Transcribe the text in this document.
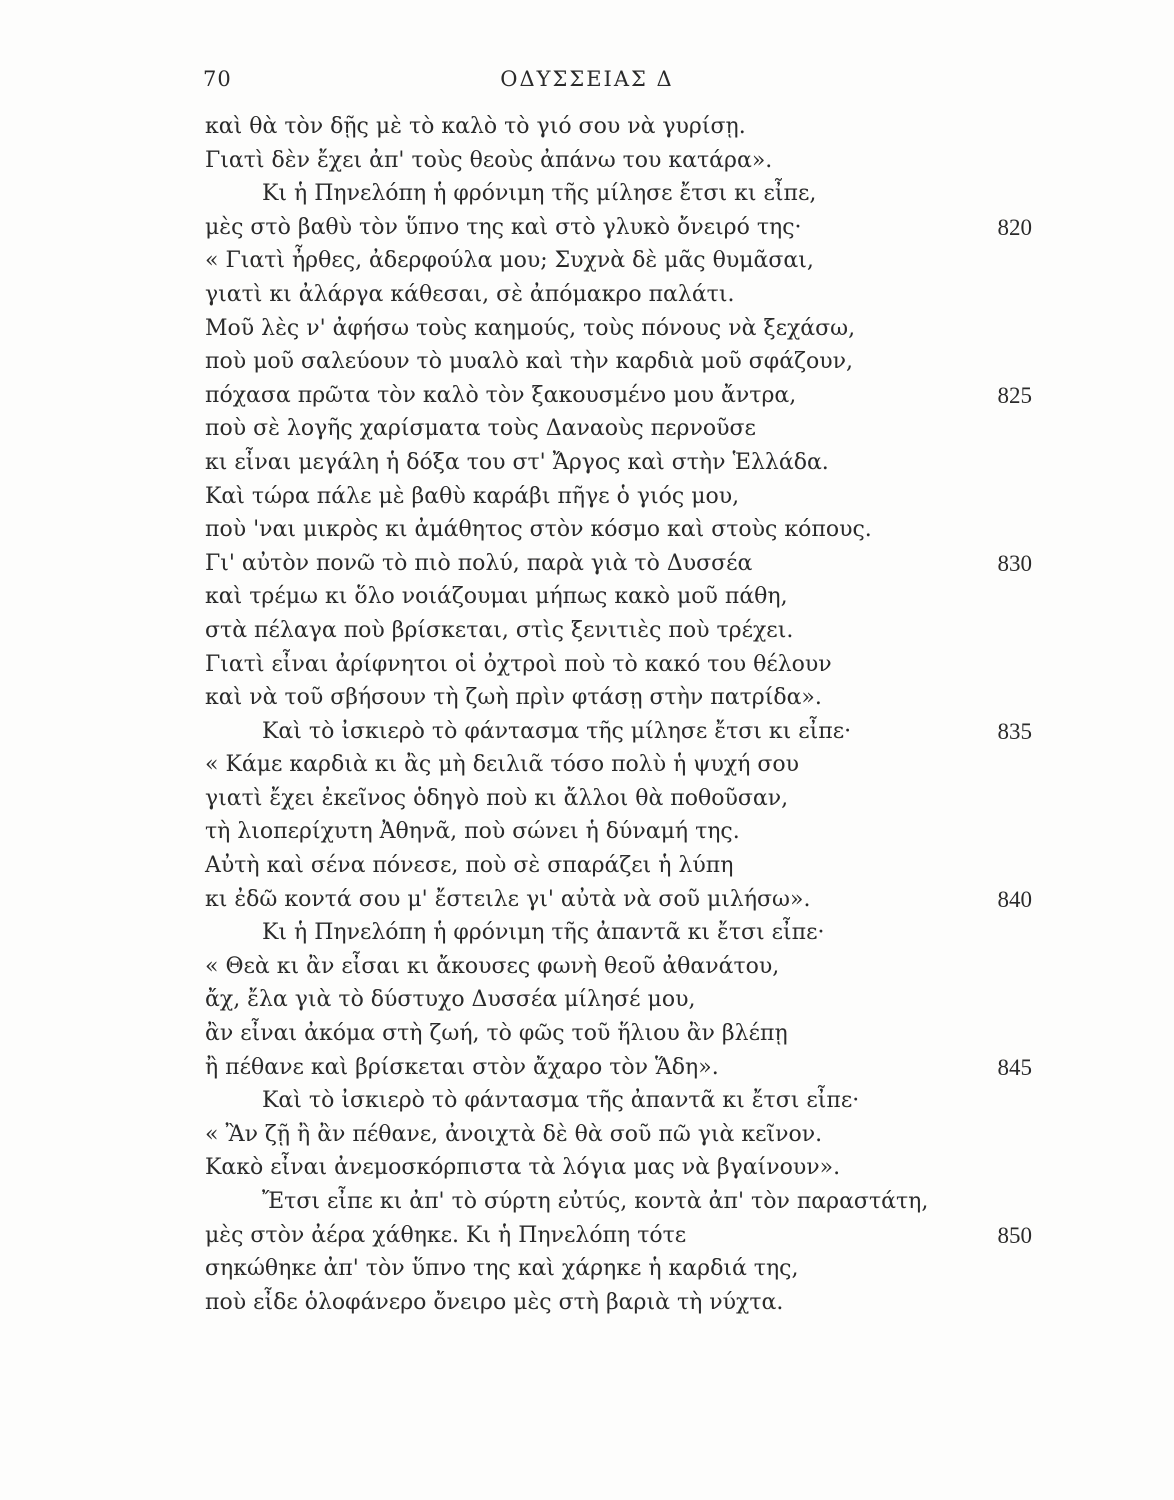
70	ΟΔΥΣΣΕΙΑΣ Δ
καὶ θὰ τὸν δῇς μὲ τὸ καλὸ τὸ γιό σου νὰ γυρίσῃ.
Γιατὶ δὲν ἔχει ἀπ' τοὺς θεοὺς ἀπάνω του κατάρα».
Κι ἡ Πηνελόπη ἡ φρόνιμη τῆς μίλησε ἔτσι κι εἶπε,
μὲς στὸ βαθὺ τὸν ὕπνο της καὶ στὸ γλυκὸ ὄνειρό της·	820
« Γιατὶ ἦρθες, ἀδερφούλα μου; Συχνὰ δὲ μᾶς θυμᾶσαι,
γιατὶ κι ἀλάργα κάθεσαι, σὲ ἀπόμακρο παλάτι.
Μοῦ λὲς ν' ἀφήσω τοὺς καημούς, τοὺς πόνους νὰ ξεχάσω,
ποὺ μοῦ σαλεύουν τὸ μυαλὸ καὶ τὴν καρδιὰ μοῦ σφάζουν,
πόχασα πρῶτα τὸν καλὸ τὸν ξακουσμένο μου ἄντρα,	825
ποὺ σὲ λογῆς χαρίσματα τοὺς Δαναοὺς περνοῦσε
κι εἶναι μεγάλη ἡ δόξα του στ' Ἄργος καὶ στὴν Ἑλλάδα.
Καὶ τώρα πάλε μὲ βαθὺ καράβι πῆγε ὁ γιός μου,
ποὺ 'ναι μικρὸς κι ἀμάθητος στὸν κόσμο καὶ στοὺς κόπους.
Γι' αὐτὸν πονῶ τὸ πιὸ πολύ, παρὰ γιὰ τὸ Δυσσέα	830
καὶ τρέμω κι ὅλο νοιάζουμαι μήπως κακὸ μοῦ πάθη,
στὰ πέλαγα ποὺ βρίσκεται, στὶς ξενιτιὲς ποὺ τρέχει.
Γιατὶ εἶναι ἀρίφνητοι οἱ ὀχτροὶ ποὺ τὸ κακό του θέλουν
καὶ νὰ τοῦ σβήσουν τὴ ζωὴ πρὶν φτάσῃ στὴν πατρίδα».
Καὶ τὸ ἰσκιερὸ τὸ φάντασμα τῆς μίλησε ἔτσι κι εἶπε·	835
« Κάμε καρδιὰ κι ἂς μὴ δειλιᾶ τόσο πολὺ ἡ ψυχή σου
γιατὶ ἔχει ἐκεῖνος ὁδηγὸ ποὺ κι ἄλλοι θὰ ποθοῦσαν,
τὴ λιοπερίχυτη Ἀθηνᾶ, ποὺ σώνει ἡ δύναμή της.
Αὐτὴ καὶ σένα πόνεσε, ποὺ σὲ σπαράζει ἡ λύπη
κι ἐδῶ κοντά σου μ' ἔστειλε γι' αὐτὰ νὰ σοῦ μιλήσω».	840
Κι ἡ Πηνελόπη ἡ φρόνιμη τῆς ἀπαντᾶ κι ἔτσι εἶπε·
« Θεὰ κι ἂν εἶσαι κι ἄκουσες φωνὴ θεοῦ ἀθανάτου,
ἄχ, ἔλα γιὰ τὸ δύστυχο Δυσσέα μίλησέ μου,
ἂν εἶναι ἀκόμα στὴ ζωή, τὸ φῶς τοῦ ἥλιου ἂν βλέπῃ
ἢ πέθανε καὶ βρίσκεται στὸν ἄχαρο τὸν Ἅδη».	845
Καὶ τὸ ἰσκιερὸ τὸ φάντασμα τῆς ἀπαντᾶ κι ἔτσι εἶπε·
« Ἂν ζῇ ἢ ἂν πέθανε, ἀνοιχτὰ δὲ θὰ σοῦ πῶ γιὰ κεῖνον.
Κακὸ εἶναι ἀνεμοσκόρπιστα τὰ λόγια μας νὰ βγαίνουν».
Ἔτσι εἶπε κι ἀπ' τὸ σύρτη εὐτύς, κοντὰ ἀπ' τὸν παραστάτη,
μὲς στὸν ἀέρα χάθηκε. Κι ἡ Πηνελόπη τότε	850
σηκώθηκε ἀπ' τὸν ὕπνο της καὶ χάρηκε ἡ καρδιά της,
ποὺ εἶδε ὁλοφάνερο ὄνειρο μὲς στὴ βαριὰ τὴ νύχτα.
